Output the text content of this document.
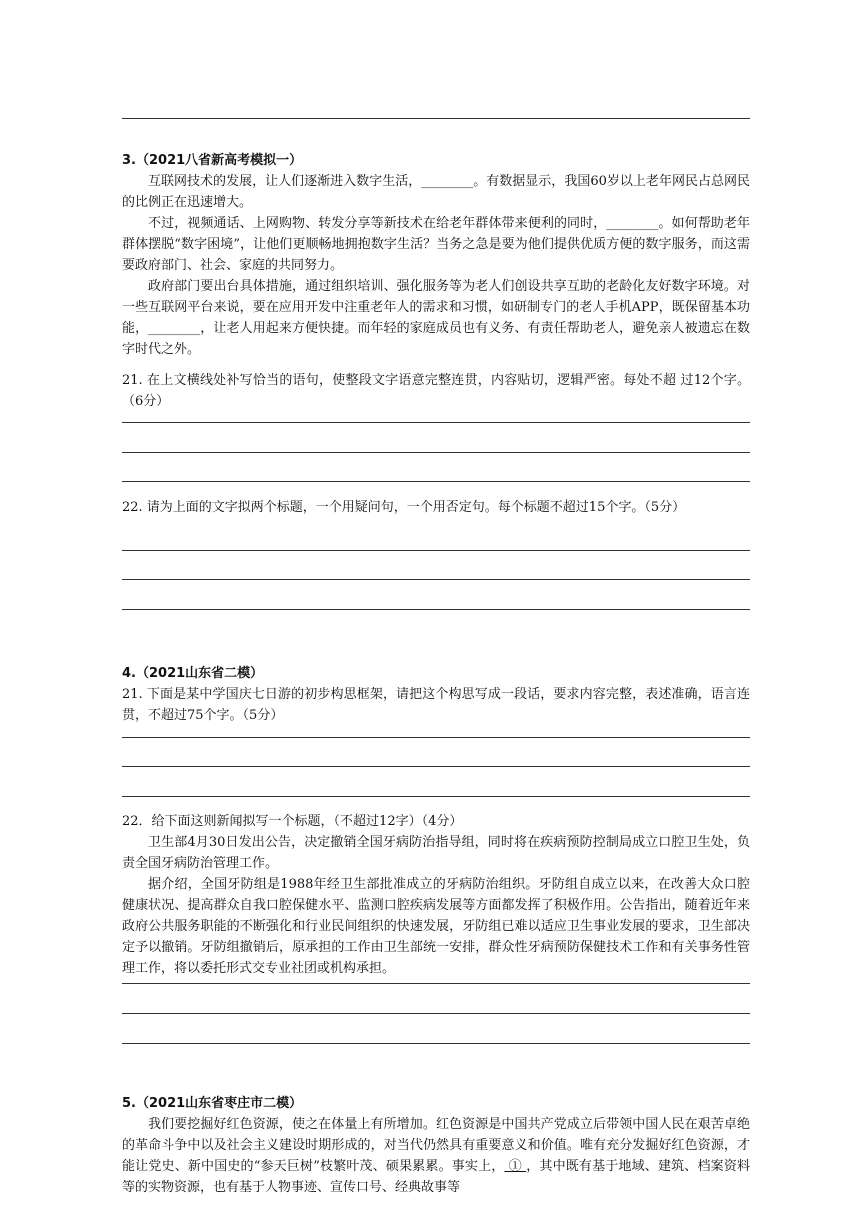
3.（2021八省新高考模拟一）
互联网技术的发展，让人们逐渐进入数字生活，________。有数据显示，我国60岁以上老年网民占总网民的比例正在迅速增大。
不过，视频通话、上网购物、转发分享等新技术在给老年群体带来便利的同时，________。如何帮助老年群体摆脱“数字困境”，让他们更顺畅地拥抱数字生活？当务之急是要为他们提供优质方便的数字服务，而这需要政府部门、社会、家庭的共同努力。
政府部门要出台具体措施，通过组织培训、强化服务等为老人们创设共享互助的老龄化友好数字环境。对一些互联网平台来说，要在应用开发中注重老年人的需求和习惯，如研制专门的老人手机APP，既保留基本功能，________，让老人用起来方便快捷。而年轻的家庭成员也有义务、有责任帮助老人，避免亲人被遗忘在数字时代之外。
21. 在上文横线处补写恰当的语句，使整段文字语意完整连贯，内容贴切，逻辑严密。每处不超 过12个字。（6分）
22. 请为上面的文字拟两个标题，一个用疑问句，一个用否定句。每个标题不超过15个字。（5分）
4.（2021山东省二模）
21. 下面是某中学国庆七日游的初步构思框架，请把这个构思写成一段话，要求内容完整，表述准确，语言连贯，不超过75个字。（5分）
22．给下面这则新闻拟写一个标题，（不超过12字）（4分）
卫生部4月30日发出公告，决定撤销全国牙病防治指导组，同时将在疾病预防控制局成立口腔卫生处，负责全国牙病防治管理工作。
据介绍，全国牙防组是1988年经卫生部批准成立的牙病防治组织。牙防组自成立以来，在改善大众口腔健康状况、提高群众自我口腔保健水平、监测口腔疾病发展等方面都发挥了积极作用。公告指出，随着近年来政府公共服务职能的不断强化和行业民间组织的快速发展，牙防组已难以适应卫生事业发展的要求，卫生部决定予以撤销。牙防组撤销后，原承担的工作由卫生部统一安排，群众性牙病预防保健技术工作和有关事务性管理工作，将以委托形式交专业社团或机构承担。
5.（2021山东省枣庄市二模）
我们要挖掘好红色资源，使之在体量上有所增加。红色资源是中国共产党成立后带领中国人民在艰苦卓绝的革命斗争中以及社会主义建设时期形成的，对当代仍然具有重要意义和价值。唯有充分发掘好红色资源，才能让党史、新中国史的“参天巨树”枝繁叶茂、硕果累累。事实上， ① ，其中既有基于地域、建筑、档案资料等的实物资源，也有基于人物事迹、宣传口号、经典故事等
